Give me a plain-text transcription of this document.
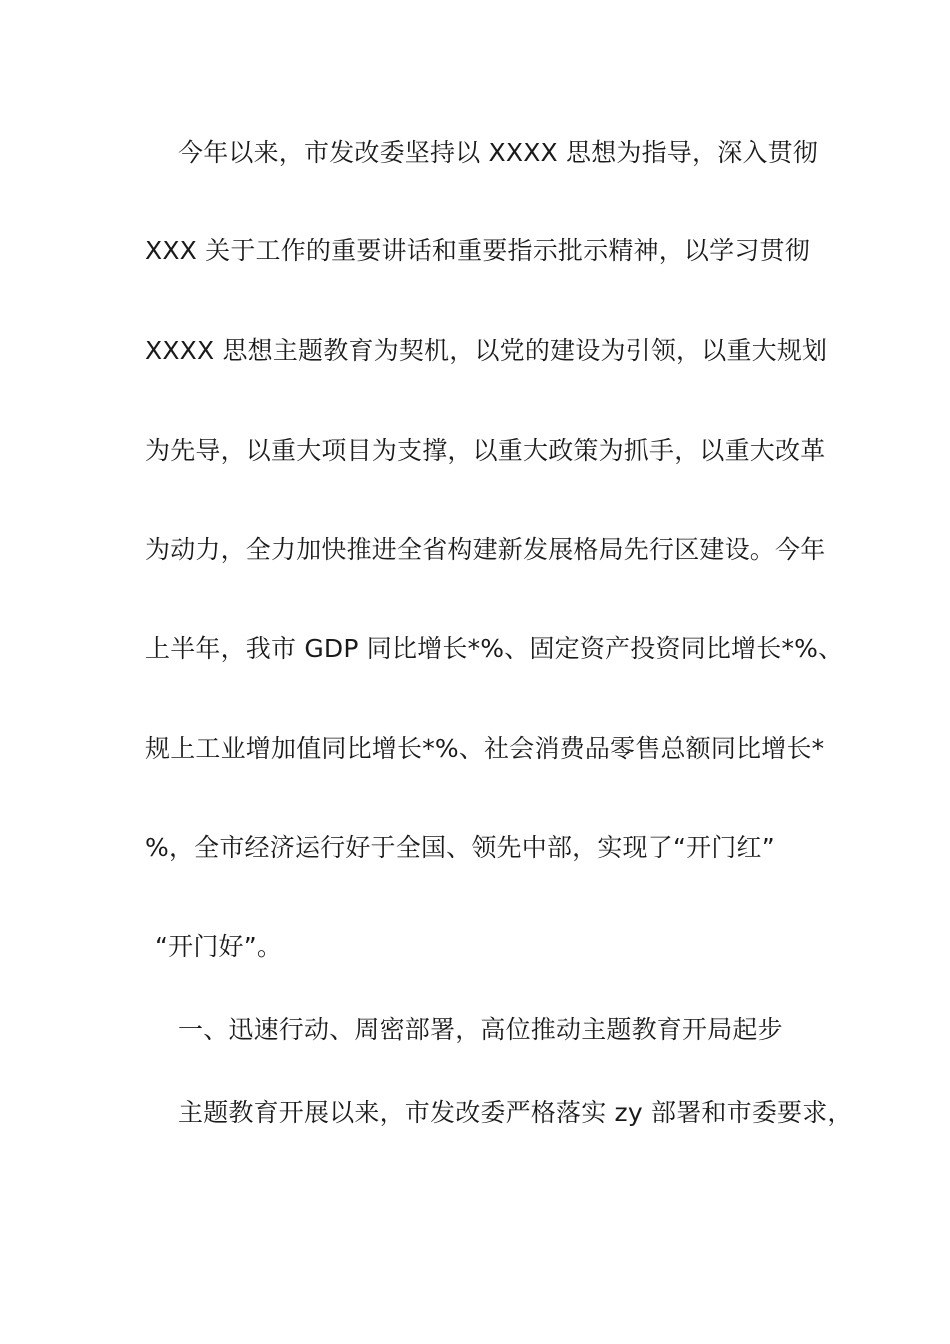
今年以来，市发改委坚持以 XXXX 思想为指导，深入贯彻
XXX 关于工作的重要讲话和重要指示批示精神，以学习贯彻
XXXX 思想主题教育为契机，以党的建设为引领，以重大规划
为先导，以重大项目为支撑，以重大政策为抓手，以重大改革
为动力，全力加快推进全省构建新发展格局先行区建设。今年
上半年，我市 GDP 同比增长*%、固定资产投资同比增长*%、
规上工业增加值同比增长*%、社会消费品零售总额同比增长*
%，全市经济运行好于全国、领先中部，实现了“开门红”
“开门好”。
一、迅速行动、周密部署，高位推动主题教育开局起步
主题教育开展以来，市发改委严格落实 zy 部署和市委要求，
